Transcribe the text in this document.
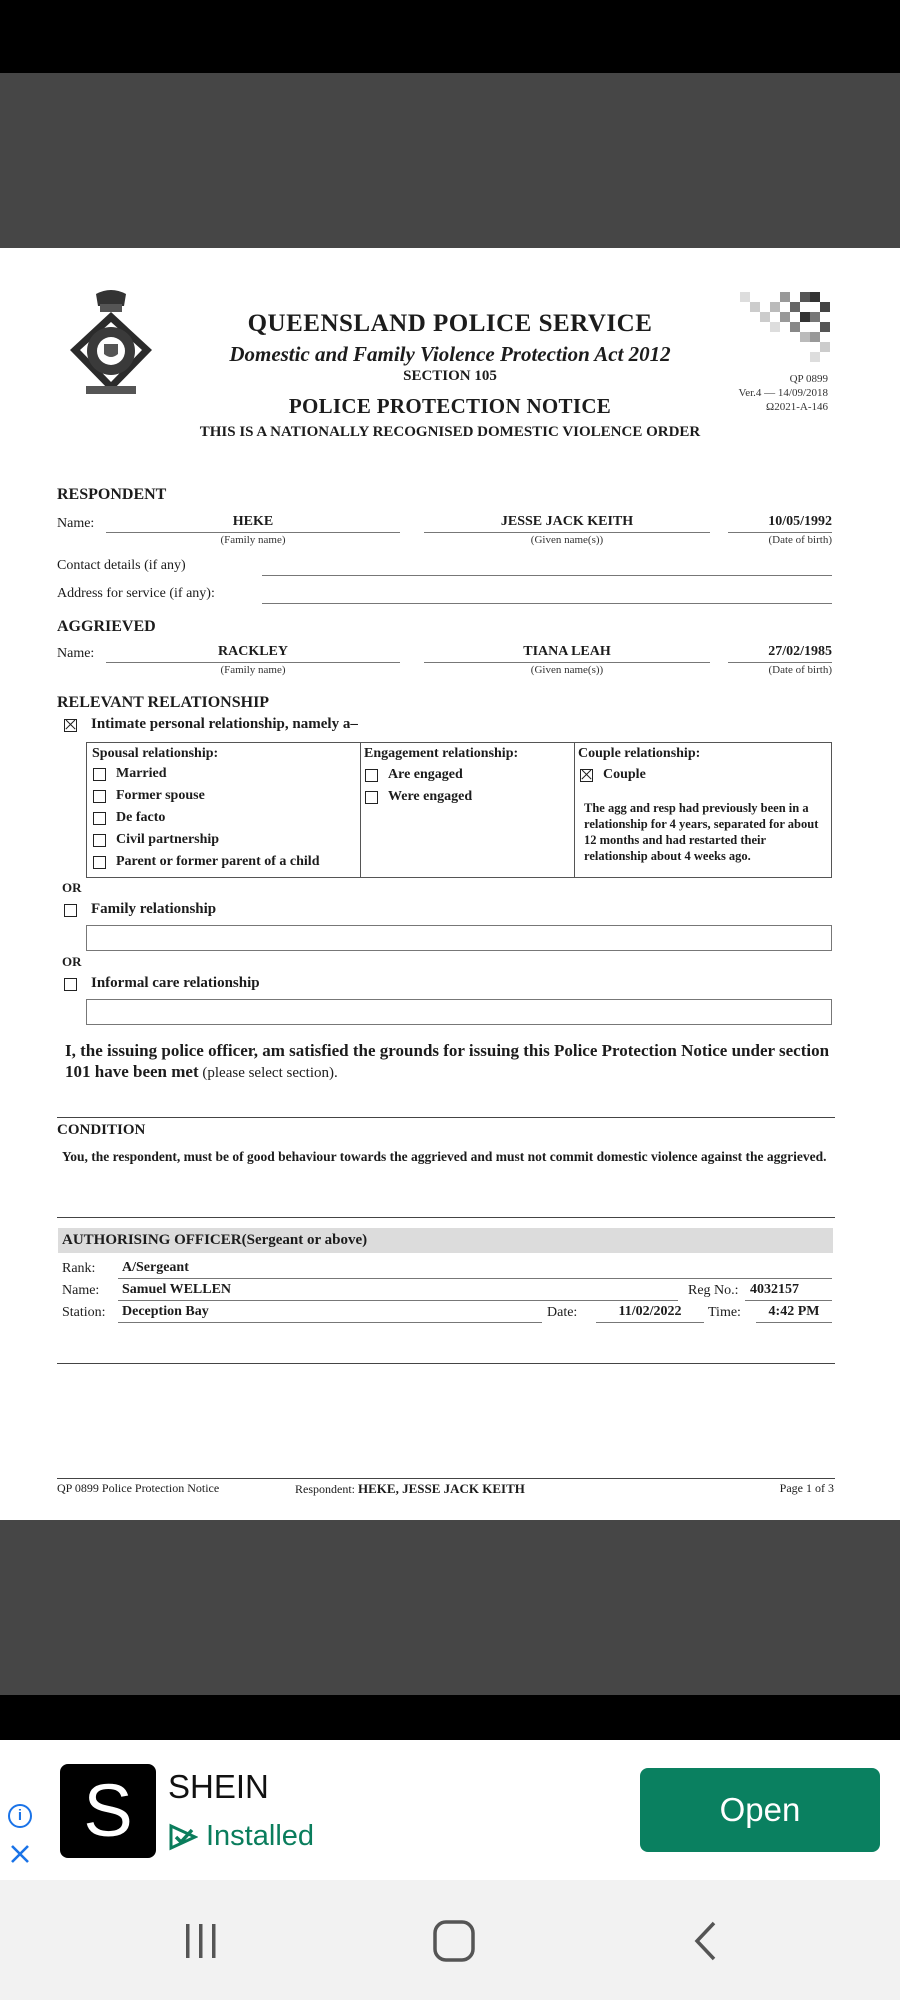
QUEENSLAND POLICE SERVICE
Domestic and Family Violence Protection Act 2012
SECTION 105
POLICE PROTECTION NOTICE
THIS IS A NATIONALLY RECOGNISED DOMESTIC VIOLENCE ORDER
QP 0899
Ver.4 — 14/09/2018
Ω2021-A-146
RESPONDENT
Name:	HEKE
(Family name)
JESSE JACK KEITH
(Given name(s))
10/05/1992
(Date of birth)
Contact details (if any)
Address for service (if any):
AGGRIEVED
Name:	RACKLEY
(Family name)
TIANA LEAH
(Given name(s))
27/02/1985
(Date of birth)
RELEVANT RELATIONSHIP
Intimate personal relationship, namely a–
Spousal relationship:
Married
Former spouse
De facto
Civil partnership
Parent or former parent of a child
Engagement relationship:
Are engaged
Were engaged
Couple relationship:
Couple
The agg and resp had previously been in a relationship for 4 years, separated for about 12 months and had restarted their relationship about 4 weeks ago.
OR
Family relationship
OR
Informal care relationship
I, the issuing police officer, am satisfied the grounds for issuing this Police Protection Notice under section 101 have been met (please select section).
CONDITION
You, the respondent, must be of good behaviour towards the aggrieved and must not commit domestic violence against the aggrieved.
AUTHORISING OFFICER(Sergeant or above)
Rank: A/Sergeant
Name: Samuel WELLEN	Reg No.: 4032157
Station: Deception Bay	Date:	11/02/2022	Time:	4:42 PM
QP 0899 Police Protection Notice	Respondent: HEKE, JESSE JACK KEITH	Page 1 of 3
i S	SHEIN
Installed
Open
